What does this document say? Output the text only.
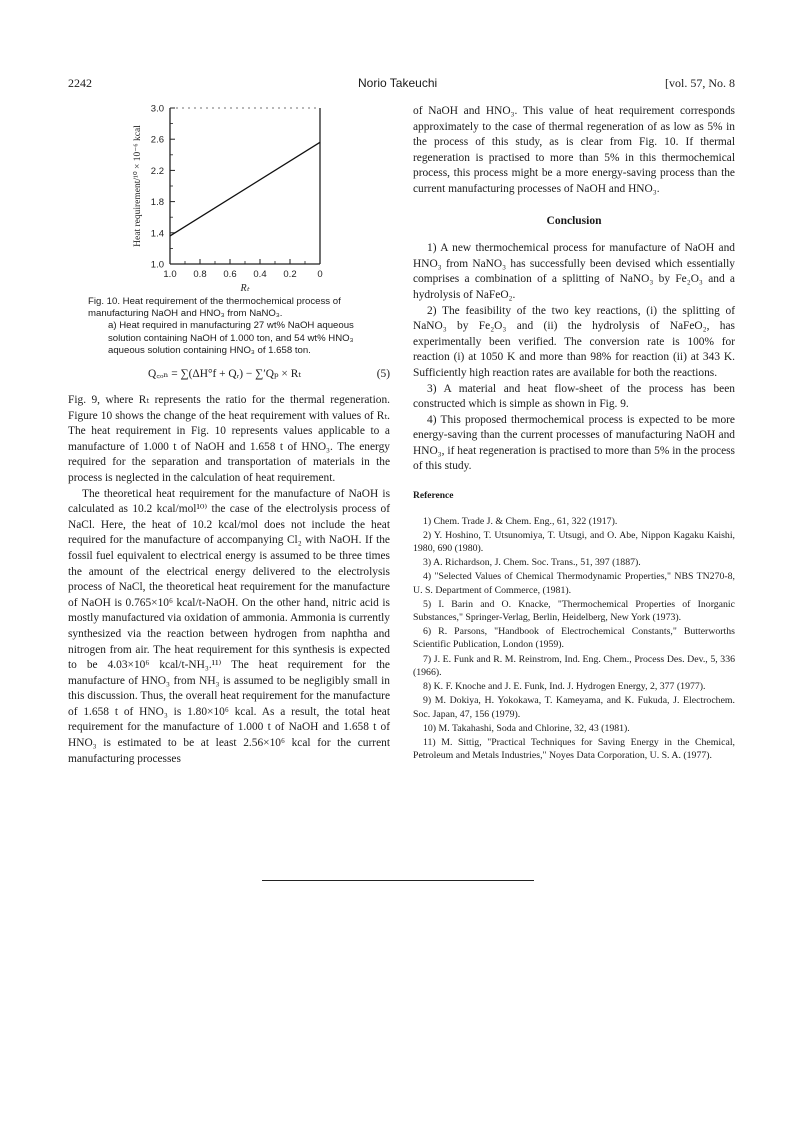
2242	Norio Takeuchi	[vol. 57, No. 8
1.0
1.4
1.8
2.2
2.6
3.0
1.0 0.8 0.6 0.4 0.2 0
Rₜ
Heat requirement/¹⁰ × 10⁻⁶ kcal
Fig. 10. Heat requirement of the thermochemical process of manufacturing NaOH and HNO₃ from NaNO₃.
a) Heat required in manufacturing 27 wt% NaOH aqueous solution containing NaOH of 1.000 ton, and 54 wt% HNO₃ aqueous solution containing HNO₃ of 1.658 ton.
Q꜀ₒₙ = ∑(ΔH°f + Qᵣ) − ∑′Qₚ × Rₜ	(5)

Fig. 9, where Rₜ represents the ratio for the thermal regeneration. Figure 10 shows the change of the heat requirement with values of Rₜ. The heat requirement in Fig. 10 represents values applicable to a manufacture of 1.000 t of NaOH and 1.658 t of HNO₃. The energy required for the separation and transportation of materials in the process is neglected in the calculation of heat requirement.

The theoretical heat requirement for the manufacture of NaOH is calculated as 10.2 kcal/mol¹⁰⁾ the case of the electrolysis process of NaCl. Here, the heat of 10.2 kcal/mol does not include the heat required for the manufacture of accompanying Cl₂ with NaOH. If the fossil fuel equivalent to electrical energy is assumed to be three times the amount of the electrical energy delivered to the electrolysis process of NaCl, the theoretical heat requirement for the manufacture of NaOH is 0.765×10⁶ kcal/t-NaOH. On the other hand, nitric acid is mostly manufactured via oxidation of ammonia. Ammonia is currently synthesized via the reaction between hydrogen from naphtha and nitrogen from air. The heat requirement for this synthesis is expected to be 4.03×10⁶ kcal/t-NH₃.¹¹⁾ The heat requirement for the manufacture of HNO₃ from NH₃ is assumed to be negligibly small in this discussion. Thus, the overall heat requirement for the manufacture of 1.658 t of HNO₃ is 1.80×10⁶ kcal. As a result, the total heat requirement for the manufacture of 1.000 t of NaOH and 1.658 t of HNO₃ is estimated to be at least 2.56×10⁶ kcal for the current manufacturing processes

of NaOH and HNO₃. This value of heat requirement corresponds approximately to the case of thermal regeneration of as low as 5% in the process of this study, as is clear from Fig. 10. If thermal regeneration is practised to more than 5% in this thermochemical process, this process might be a more energy-saving process than the current manufacturing processes of NaOH and HNO₃.

Conclusion

1) A new thermochemical process for manufacture of NaOH and HNO₃ from NaNO₃ has successfully been devised which essentially comprises a combination of a splitting of NaNO₃ by Fe₂O₃ and a hydrolysis of NaFeO₂.

2) The feasibility of the two key reactions, (i) the splitting of NaNO₃ by Fe₂O₃ and (ii) the hydrolysis of NaFeO₂, has experimentally been verified. The conversion rate is 100% for reaction (i) at 1050 K and more than 98% for reaction (ii) at 343 K. Sufficiently high reaction rates are available for both the reactions.

3) A material and heat flow-sheet of the process has been constructed which is simple as shown in Fig. 9.

4) This proposed thermochemical process is expected to be more energy-saving than the current processes of manufacturing NaOH and HNO₃, if heat regeneration is practised to more than 5% in the process of this study.

Reference
1) Chem. Trade J. & Chem. Eng., 61, 322 (1917).
2) Y. Hoshino, T. Utsunomiya, T. Utsugi, and O. Abe, Nippon Kagaku Kaishi, 1980, 690 (1980).
3) A. Richardson, J. Chem. Soc. Trans., 51, 397 (1887).
4) "Selected Values of Chemical Thermodynamic Properties," NBS TN270-8, U. S. Department of Commerce, (1981).
5) I. Barin and O. Knacke, "Thermochemical Properties of Inorganic Substances," Springer-Verlag, Berlin, Heidelberg, New York (1973).
6) R. Parsons, "Handbook of Electrochemical Constants," Butterworths Scientific Publication, London (1959).
7) J. E. Funk and R. M. Reinstrom, Ind. Eng. Chem., Process Des. Dev., 5, 336 (1966).
8) K. F. Knoche and J. E. Funk, Ind. J. Hydrogen Energy, 2, 377 (1977).
9) M. Dokiya, H. Yokokawa, T. Kameyama, and K. Fukuda, J. Electrochem. Soc. Japan, 47, 156 (1979).
10) M. Takahashi, Soda and Chlorine, 32, 43 (1981).
11) M. Sittig, "Practical Techniques for Saving Energy in the Chemical, Petroleum and Metals Industries," Noyes Data Corporation, U. S. A. (1977).
